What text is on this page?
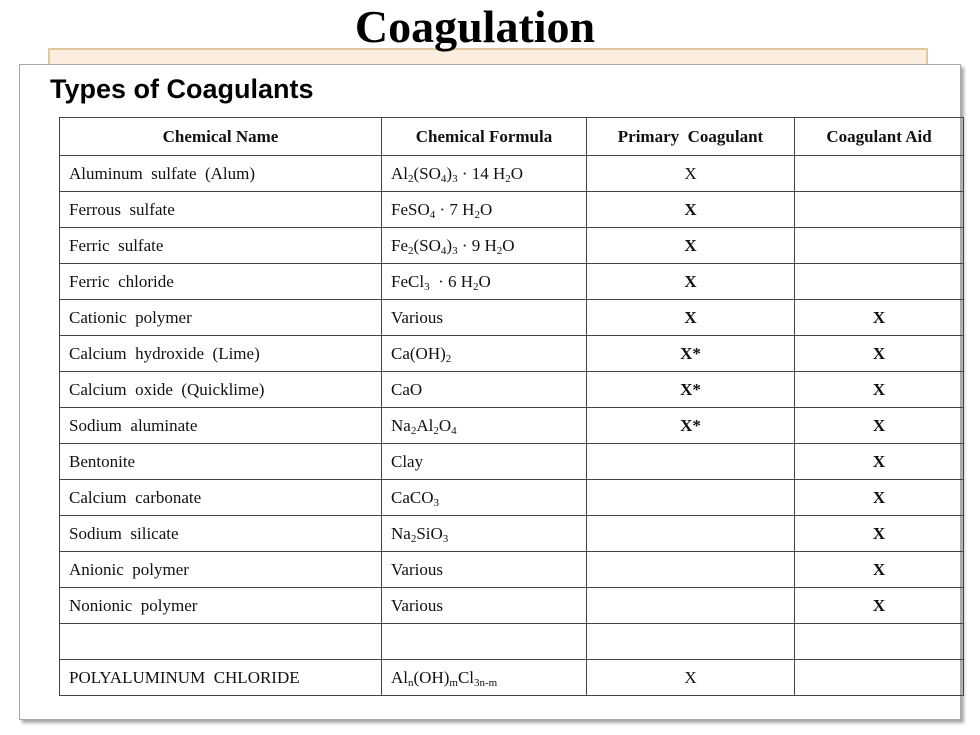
Coagulation
Types of Coagulants
Chemical Name	Chemical Formula	Primary  Coagulant	Coagulant Aid
Aluminum  sulfate  (Alum)	$Al_2(SO_4)_3 \cdot 14$ $H_2O$	X	
Ferrous  sulfate	FeSO$_4$ · 7 $H_2O$	X	
Ferric  sulfate	$Fe_2(SO_4)_3 \cdot 9$ $H_2O$	X	
Ferric  chloride	FeCl$_3$  · 6 $H_2O$	X	
Cationic  polymer	Various	X	X
Calcium  hydroxide  (Lime)	$Ca(OH)_2$	X*	X
Calcium  oxide  (Quicklime)	CaO	X*	X
Sodium  aluminate	$Na_2Al_2O_4$	X*	X
Bentonite	Clay		X
Calcium  carbonate	CaCO$_3$		X
Sodium  silicate	$Na_2SiO_3$		X
Anionic  polymer	Various		X
Nonionic  polymer	Various		X

POLYALUMINUM  CHLORIDE	$Al_n(OH)_mCl_{3n-m}$	X	
